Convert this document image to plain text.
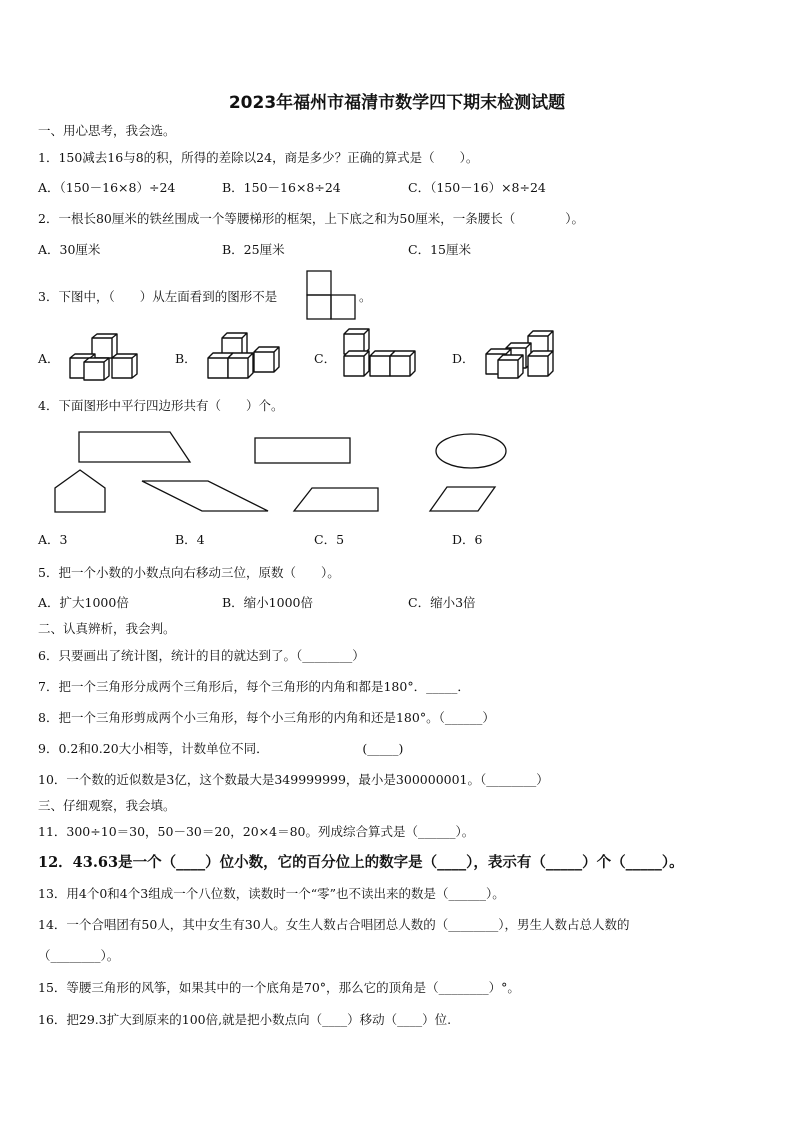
2023年福州市福清市数学四下期末检测试题
一、用心思考，我会选。
1．150减去16与8的积，所得的差除以24，商是多少？正确的算式是（　　）。
A．（150－16×8）÷24	B．150－16×8÷24	C．（150－16）×8÷24
2．一根长80厘米的铁丝围成一个等腰梯形的框架，上下底之和为50厘米，一条腰长（　　　　）。
A．30厘米	B．25厘米	C．15厘米
3．下图中，（　　）从左面看到的图形不是	。
A．	B．	C．	D．
4．下面图形中平行四边形共有（　　）个。
A．3	B．4	C．5	D．6
5．把一个小数的小数点向右移动三位，原数（　　）。
A．扩大1000倍	B．缩小1000倍	C．缩小3倍
二、认真辨析，我会判。
6．只要画出了统计图，统计的目的就达到了。（________）
7．把一个三角形分成两个三角形后，每个三角形的内角和都是180°．_____．
8．把一个三角形剪成两个小三角形，每个小三角形的内角和还是180°。（______）
9．0.2和0.20大小相等，计数单位不同．　　　　　　　　(_____)
10．一个数的近似数是3亿，这个数最大是349999999，最小是300000001。（________）
三、仔细观察，我会填。
11．300÷10＝30，50－30＝20，20×4＝80。列成综合算式是（______）。
12．43.63是一个（____）位小数，它的百分位上的数字是（____），表示有（_____）个（_____）。
13．用4个0和4个3组成一个八位数，读数时一个“零”也不读出来的数是（______）。
14．一个合唱团有50人，其中女生有30人。女生人数占合唱团总人数的（________），男生人数占总人数的
（________）。
15．等腰三角形的风筝，如果其中的一个底角是70°，那么它的顶角是（________）°。
16．把29.3扩大到原来的100倍,就是把小数点向（____）移动（____）位.
